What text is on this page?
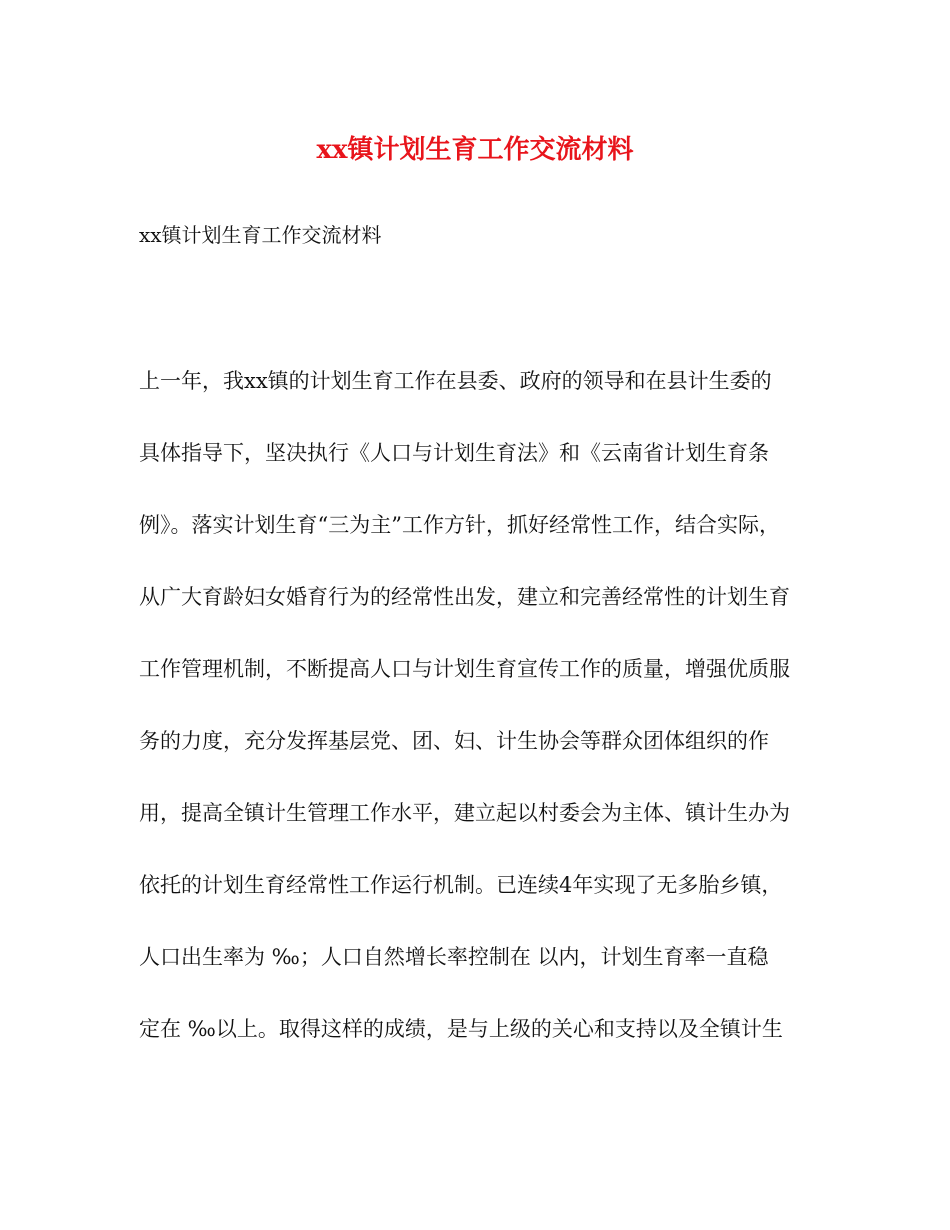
xx镇计划生育工作交流材料
xx镇计划生育工作交流材料
上一年，我xx镇的计划生育工作在县委、政府的领导和在县计生委的
具体指导下，坚决执行《人口与计划生育法》和《云南省计划生育条
例》。落实计划生育“三为主”工作方针，抓好经常性工作，结合实际，
从广大育龄妇女婚育行为的经常性出发，建立和完善经常性的计划生育
工作管理机制，不断提高人口与计划生育宣传工作的质量，增强优质服
务的力度，充分发挥基层党、团、妇、计生协会等群众团体组织的作
用，提高全镇计生管理工作水平，建立起以村委会为主体、镇计生办为
依托的计划生育经常性工作运行机制。已连续4年实现了无多胎乡镇，
人口出生率为 ‰；人口自然增长率控制在 以内，计划生育率一直稳
定在 ‰以上。取得这样的成绩，是与上级的关心和支持以及全镇计生
